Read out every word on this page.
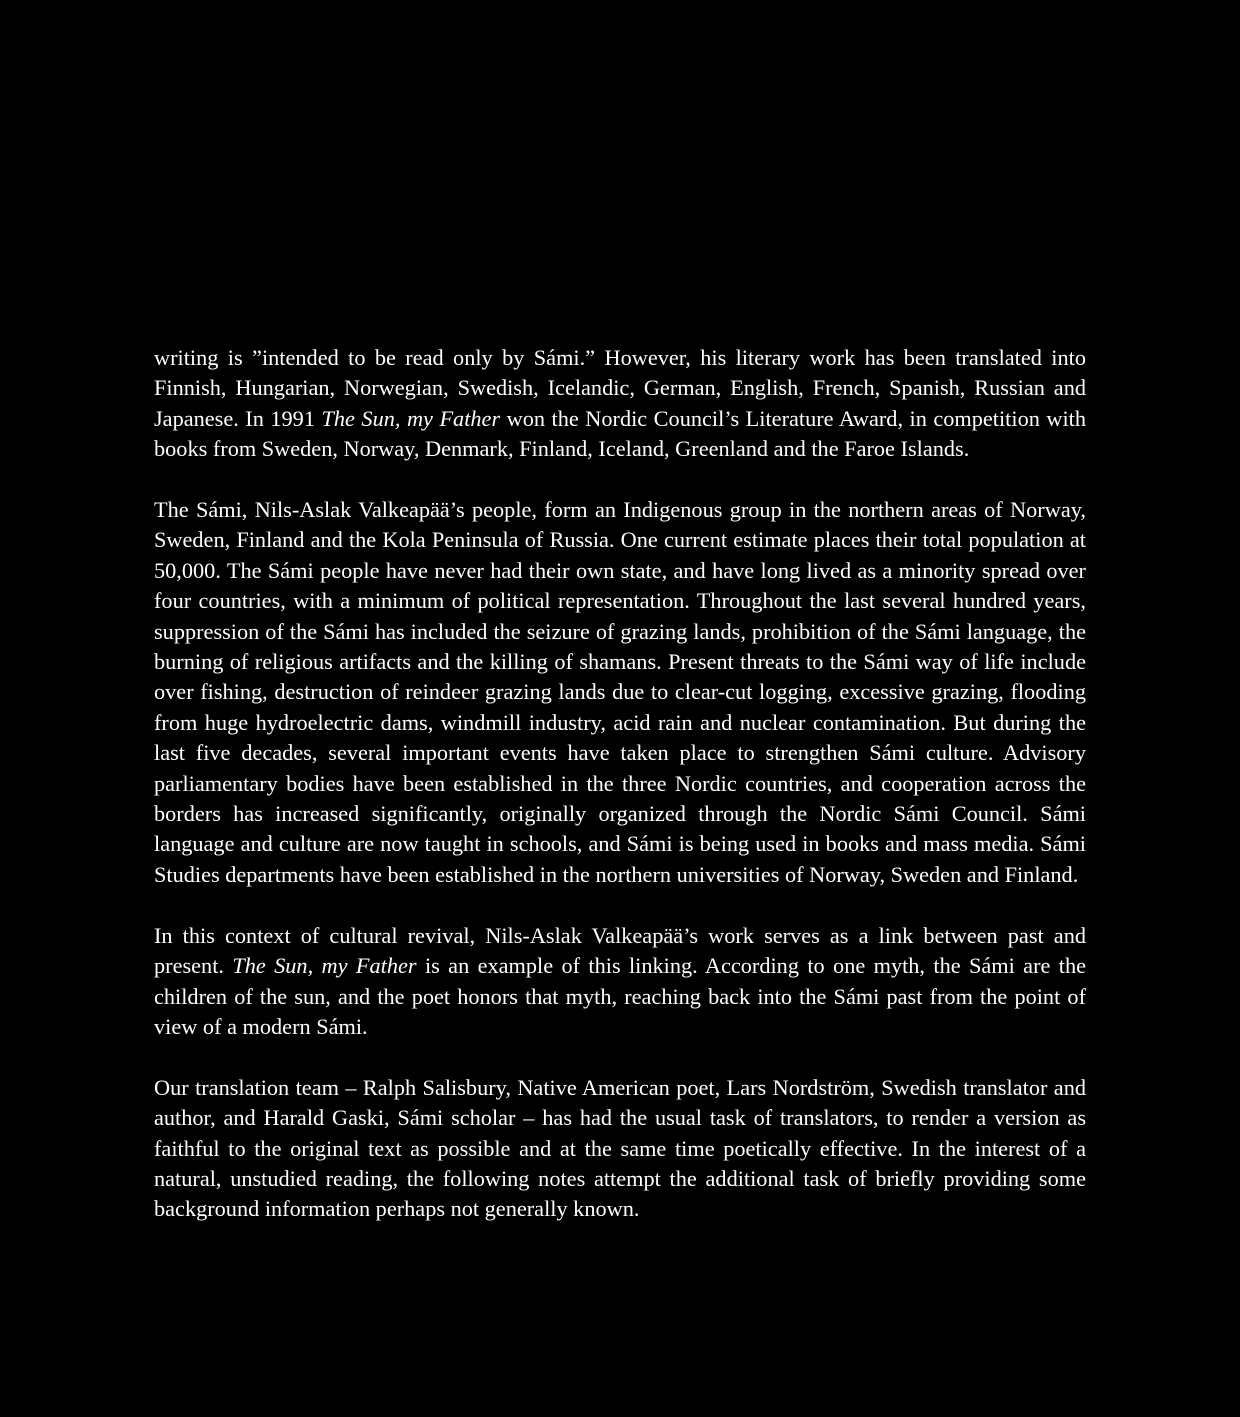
writing is ”intended to be read only by Sámi.” However, his literary work has been translated into Finnish, Hungarian, Norwegian, Swedish, Icelandic, German, English, French, Spanish, Russian and Japanese. In 1991 The Sun, my Father won the Nordic Council’s Literature Award, in competition with books from Sweden, Norway, Denmark, Finland, Iceland, Greenland and the Faroe Islands.

The Sámi, Nils-Aslak Valkeapää’s people, form an Indigenous group in the northern areas of Norway, Sweden, Finland and the Kola Peninsula of Russia. One current estimate places their total population at 50,000. The Sámi people have never had their own state, and have long lived as a minority spread over four countries, with a minimum of political representation. Throughout the last several hundred years, suppression of the Sámi has included the seizure of grazing lands, prohibition of the Sámi language, the burning of religious artifacts and the killing of shamans. Present threats to the Sámi way of life include over fishing, destruction of reindeer grazing lands due to clear-cut logging, excessive grazing, flooding from huge hydroelectric dams, windmill industry, acid rain and nuclear contamination. But during the last five decades, several important events have taken place to strengthen Sámi culture. Advisory parliamentary bodies have been established in the three Nordic countries, and cooperation across the borders has increased significantly, originally organized through the Nordic Sámi Council. Sámi language and culture are now taught in schools, and Sámi is being used in books and mass media. Sámi Studies departments have been established in the northern universities of Norway, Sweden and Finland.

In this context of cultural revival, Nils-Aslak Valkeapää’s work serves as a link between past and present. The Sun, my Father is an example of this linking. According to one myth, the Sámi are the children of the sun, and the poet honors that myth, reaching back into the Sámi past from the point of view of a modern Sámi.

Our translation team – Ralph Salisbury, Native American poet, Lars Nordström, Swedish translator and author, and Harald Gaski, Sámi scholar – has had the usual task of translators, to render a version as faithful to the original text as possible and at the same time poetically effective. In the interest of a natural, unstudied reading, the following notes attempt the additional task of briefly providing some background information perhaps not generally known.
